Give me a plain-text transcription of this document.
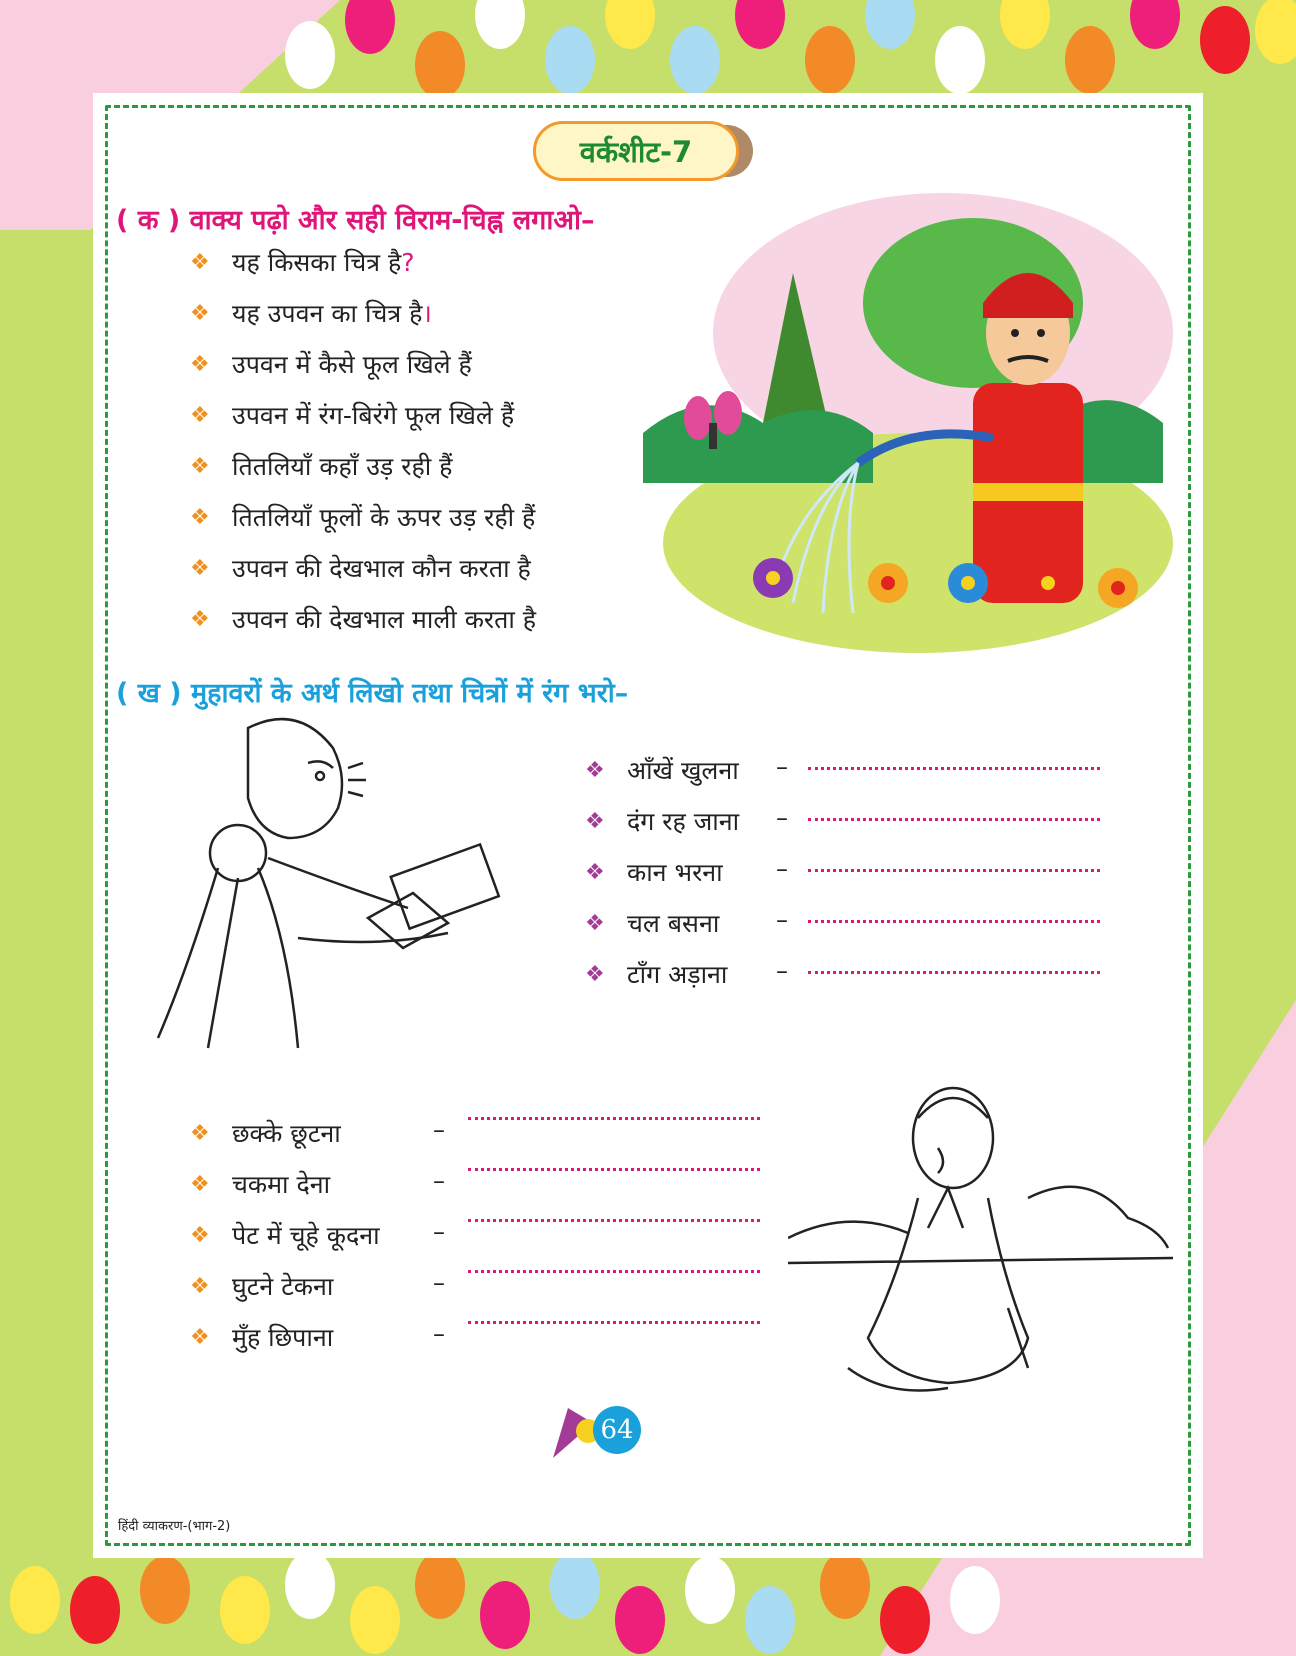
वर्कशीट-7
( क ) वाक्य पढ़ो और सही विराम-चिह्न लगाओ–
❖ यह किसका चित्र है ?
❖ यह उपवन का चित्र है ।
❖ उपवन में कैसे फूल खिले हैं
❖ उपवन में रंग-बिरंगे फूल खिले हैं
❖ तितलियाँ कहाँ उड़ रही हैं
❖ तितलियाँ फूलों के ऊपर उड़ रही हैं
❖ उपवन की देखभाल कौन करता है
❖ उपवन की देखभाल माली करता है
( ख ) मुहावरों के अर्थ लिखो तथा चित्रों में रंग भरो–
❖ आँखें खुलना –
❖ दंग रह जाना –
❖ कान भरना –
❖ चल बसना –
❖ टाँग अड़ाना –
❖ छक्के छूटना	–
❖ चकमा देना	–
❖ पेट में चूहे कूदना –
❖ घुटने टेकना	–
❖ मुँह छिपाना	–
हिंदी व्याकरण-(भाग-2)
64
